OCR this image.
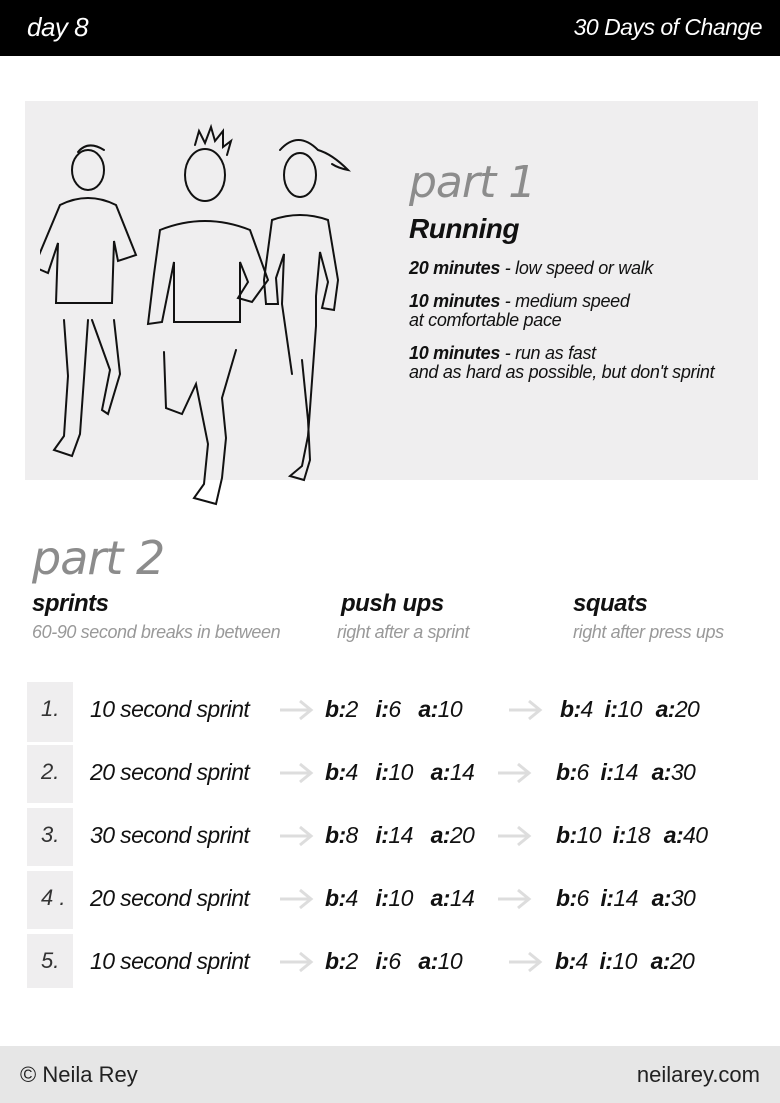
day 8	30 Days of Change
part 1
Running
20 minutes - low speed or walk
10 minutes - medium speed
at comfortable pace
10 minutes - run as fast
and as hard as possible, but don't sprint
part 2
sprints
60-90 second breaks in between
push ups
right after a sprint
squats
right after press ups
1.	10 second sprint	b:2 i:6 a:10	b:4 i:10 a:20
2.	20 second sprint	b:4 i:10 a:14	b:6 i:14 a:30
3.	30 second sprint	b:8 i:14 a:20	b:10 i:18 a:40
4 .	20 second sprint	b:4 i:10 a:14	b:6 i:14 a:30
5.	10 second sprint	b:2 i:6 a:10	b:4 i:10 a:20
© Neila Rey	neilarey.com
